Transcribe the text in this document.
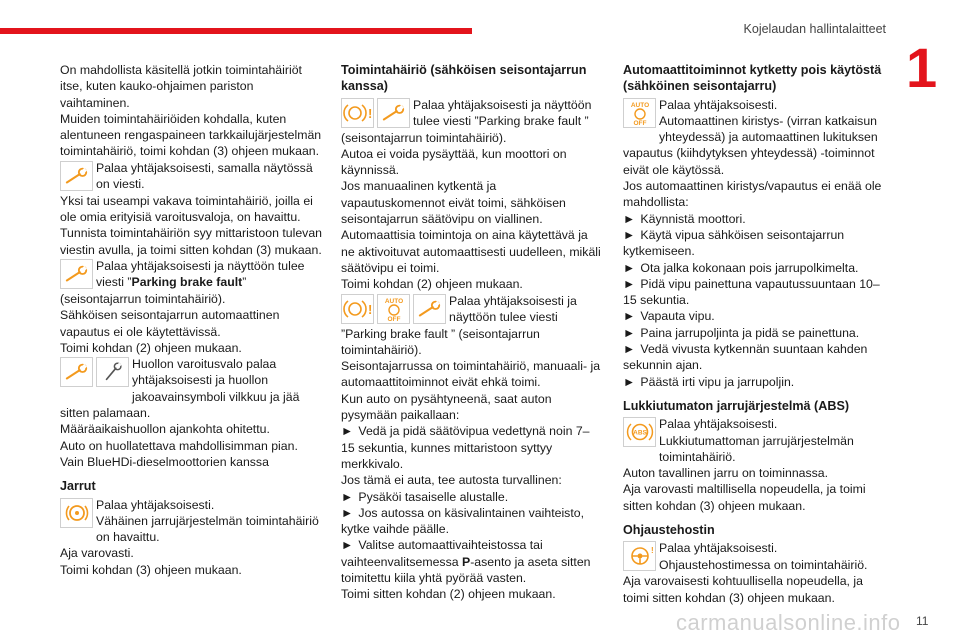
Kojelaudan hallintalaitteet
1

On mahdollista käsitellä jotkin toimintahäiriöt itse, kuten kauko-ohjaimen pariston vaihtaminen.

Muiden toimintahäiriöiden kohdalla, kuten alentuneen rengaspaineen tarkkailujärjestelmän toimintahäiriö, toimi kohdan (3) ohjeen mukaan.

Palaa yhtäjaksoisesti, samalla näytössä on viesti.

Yksi tai useampi vakava toimintahäiriö, joilla ei ole omia erityisiä varoitusvaloja, on havaittu.

Tunnista toimintahäiriön syy mittaristoon tulevan viestin avulla, ja toimi sitten kohdan (3) mukaan.

Palaa yhtäjaksoisesti ja näyttöön tulee viesti ”Parking brake fault”

(seisontajarrun toimintahäiriö).

Sähköisen seisontajarrun automaattinen vapautus ei ole käytettävissä.

Toimi kohdan (2) ohjeen mukaan.

Huollon varoitusvalo palaa yhtäjaksoisesti ja huollon jakoavainsymboli vilkkuu ja jää sitten palamaan.

Määräaikaishuollon ajankohta ohitettu.

Auto on huollatettava mahdollisimman pian.

Vain BlueHDi-dieselmoottorien kanssa

Jarrut
Palaa yhtäjaksoisesti.
Vähäinen jarrujärjestelmän toimintahäiriö on havaittu.

Aja varovasti.

Toimi kohdan (3) ohjeen mukaan.

Toimintahäiriö (sähköisen seisontajarrun kanssa)
!
Palaa yhtäjaksoisesti ja näyttöön tulee viesti ”Parking brake fault ”

(seisontajarrun toimintahäiriö).

Autoa ei voida pysäyttää, kun moottori on käynnissä.

Jos manuaalinen kytkentä ja vapautuskomennot eivät toimi, sähköisen seisontajarrun säätövipu on viallinen.

Automaattisia toimintoja on aina käytettävä ja ne aktivoituvat automaattisesti uudelleen, mikäli säätövipu ei toimi.

Toimi kohdan (2) ohjeen mukaan.

!
AUTO
OFF
Palaa yhtäjaksoisesti ja näyttöön tulee viesti

”Parking brake fault ” (seisontajarrun toimintahäiriö).

Seisontajarrussa on toimintahäiriö, manuaali- ja automaattitoiminnot eivät ehkä toimi.

Kun auto on pysähtyneenä, saat auton pysymään paikallaan:

► Vedä ja pidä säätövipua vedettynä noin 7–15 sekuntia, kunnes mittaristoon syttyy merkkivalo.

Jos tämä ei auta, tee autosta turvallinen:

► Pysäköi tasaiselle alustalle.

► Jos autossa on käsivalintainen vaihteisto, kytke vaihde päälle.

► Valitse automaattivaihteistossa tai vaihteenvalitsemessa P-asento ja aseta sitten toimitettu kiila yhtä pyörää vasten.

Toimi sitten kohdan (2) ohjeen mukaan.

Automaattitoiminnot kytketty pois käytöstä (sähköinen seisontajarru)
AUTO
OFF
Palaa yhtäjaksoisesti.
Automaattinen kiristys- (virran katkaisun yhteydessä) ja automaattinen lukituksen vapautus (kiihdytyksen yhteydessä) -toiminnot eivät ole käytössä.

Jos automaattinen kiristys/vapautus ei enää ole mahdollista:

► Käynnistä moottori.

► Käytä vipua sähköisen seisontajarrun kytkemiseen.

► Ota jalka kokonaan pois jarrupolkimelta.

► Pidä vipu painettuna vapautussuuntaan 10–15 sekuntia.

► Vapauta vipu.

► Paina jarrupoljinta ja pidä se painettuna.

► Vedä vivusta kytkennän suuntaan kahden sekunnin ajan.

► Päästä irti vipu ja jarrupoljin.

Lukkiutumaton jarrujärjestelmä (ABS)
ABS
Palaa yhtäjaksoisesti.
Lukkiutumattoman jarrujärjestelmän toimintahäiriö.

Auton tavallinen jarru on toiminnassa.

Aja varovasti maltillisella nopeudella, ja toimi sitten kohdan (3) ohjeen mukaan.

Ohjaustehostin
! Palaa yhtäjaksoisesti.
Ohjaustehostimessa on toimintahäiriö.

Aja varovaisesti kohtuullisella nopeudella, ja toimi sitten kohdan (3) ohjeen mukaan.

carmanualsonline.info 11
